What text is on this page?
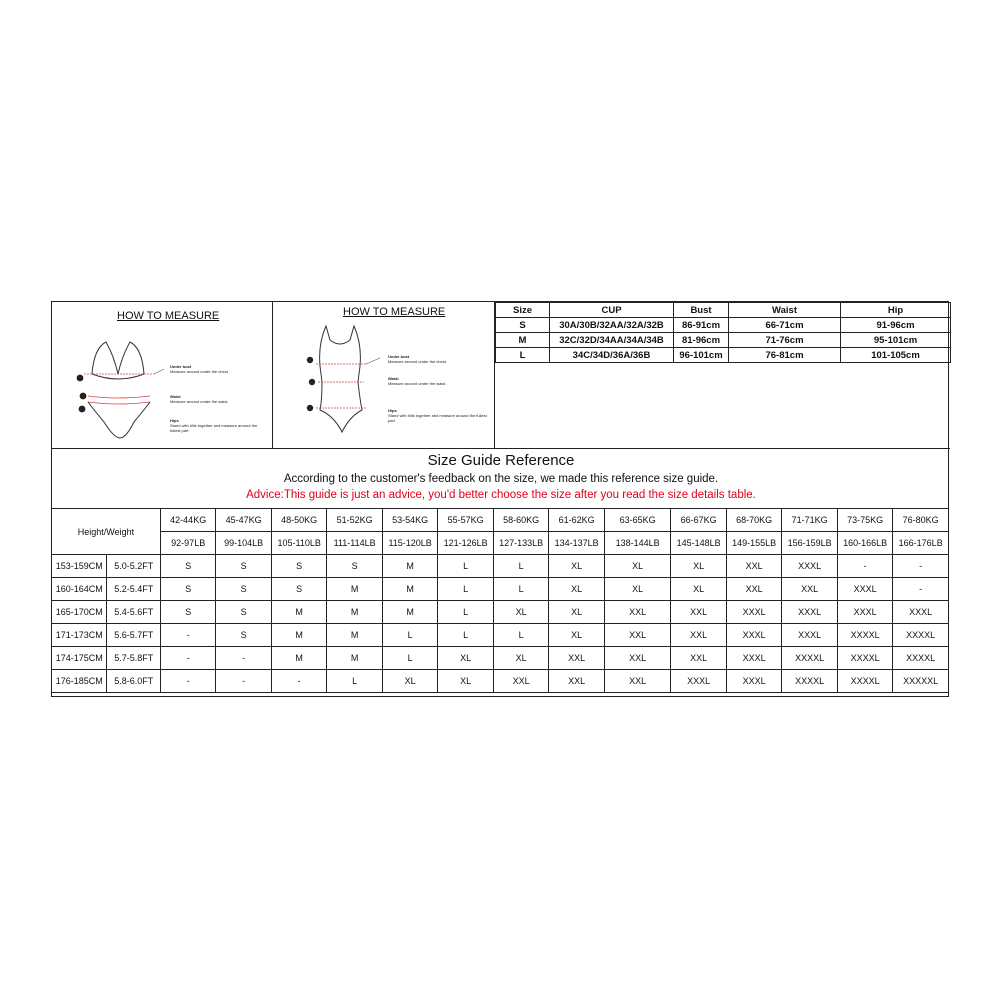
HOW TO MEASURE
Under bust
Measure around under the chest.
Waist
Measure around under the waist.
Hips
Stand with hills together and measure around the fullest part
HOW TO MEASURE
Under bust
Measure around under the chest.
Waist
Measure around under the waist.
Hips
Stand with hills together and measure around the fullest part
Size	CUP	Bust	Waist	Hip
S	30A/30B/32AA/32A/32B	86-91cm	66-71cm	91-96cm
M	32C/32D/34AA/34A/34B	81-96cm	71-76cm	95-101cm
L	34C/34D/36A/36B	96-101cm	76-81cm	101-105cm
Size Guide Reference
According to the customer's feedback on the size, we made this reference size guide.
Advice:This guide is just an advice, you'd better choose the size after you read the size details table.
Height/Weight		42-44KG	45-47KG	48-50KG	51-52KG	53-54KG	55-57KG	58-60KG	61-62KG	63-65KG	66-67KG	68-70KG	71-71KG	73-75KG	76-80KG
		92-97LB	99-104LB	105-110LB	111-114LB	115-120LB	121-126LB	127-133LB	134-137LB	138-144LB	145-148LB	149-155LB	156-159LB	160-166LB	166-176LB
153-159CM	5.0-5.2FT	S	S	S	S	M	L	L	XL	XL	XL	XXL	XXXL	-	-
160-164CM	5.2-5.4FT	S	S	S	M	M	L	L	XL	XL	XL	XXL	XXL	XXXL	-
165-170CM	5.4-5.6FT	S	S	M	M	M	L	XL	XL	XXL	XXL	XXXL	XXXL	XXXL	XXXL
171-173CM	5.6-5.7FT	-	S	M	M	L	L	L	XL	XXL	XXL	XXXL	XXXL	XXXXL	XXXXL
174-175CM	5.7-5.8FT	-	-	M	M	L	XL	XL	XXL	XXL	XXL	XXXL	XXXXL	XXXXL	XXXXL
176-185CM	5.8-6.0FT	-	-	-	L	XL	XL	XXL	XXL	XXL	XXXL	XXXL	XXXXL	XXXXL	XXXXXL
